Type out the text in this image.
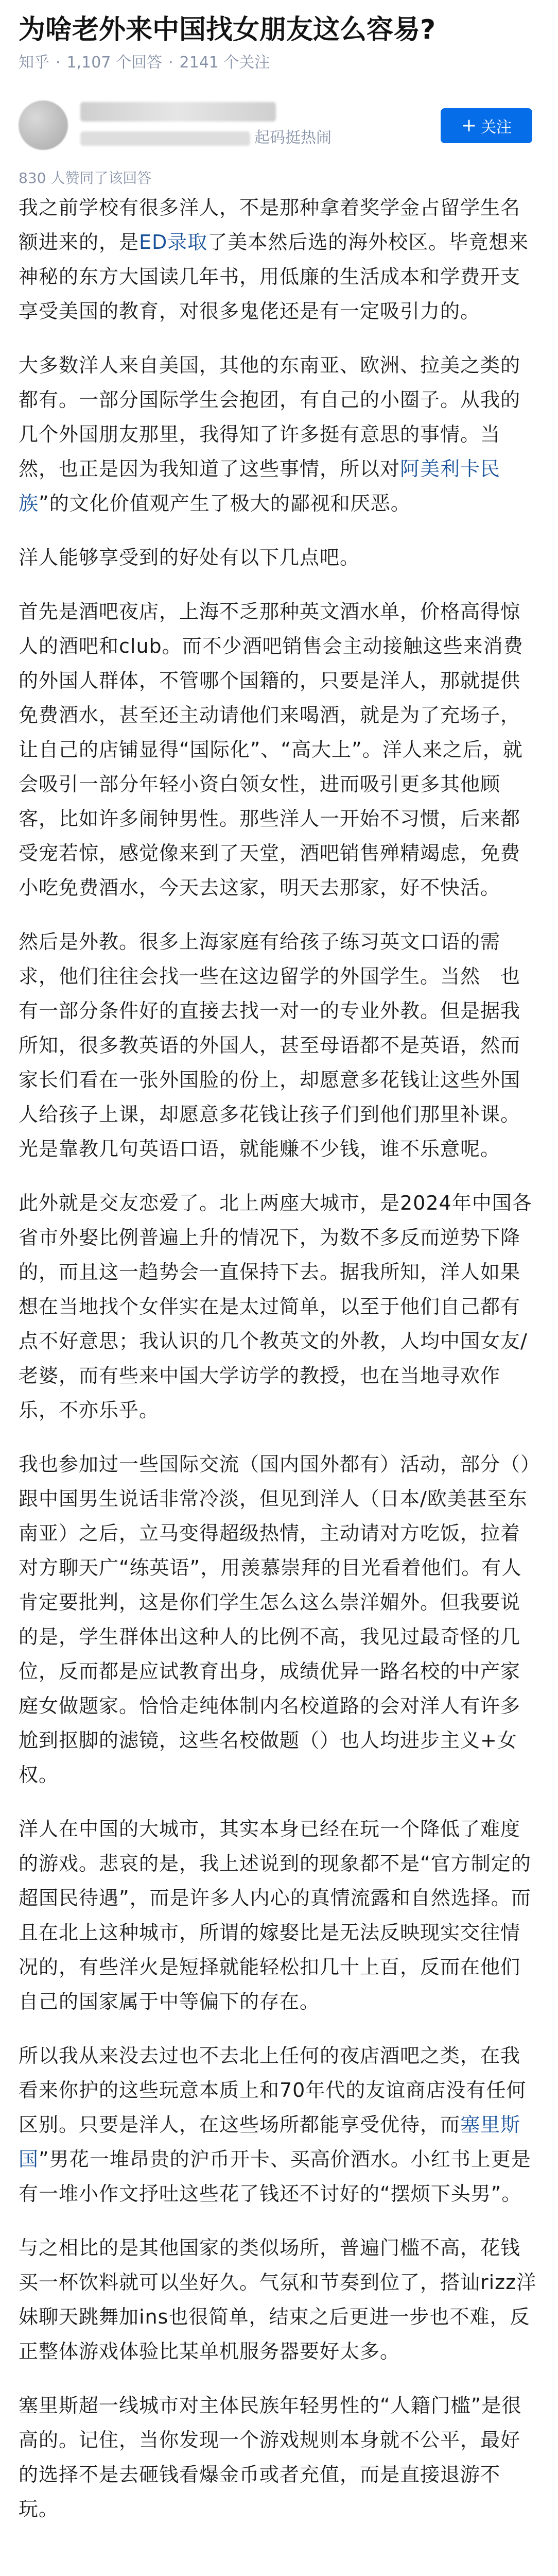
为啥老外来中国找女朋友这么容易?
知乎 · 1,107 个回答 · 2141 个关注
起码挺热闹
+ 关注
830 人赞同了该回答

我之前学校有很多洋人，不是那种拿着奖学金占留学生名额进来的，是ED录取了美本然后选的海外校区。毕竟想来神秘的东方大国读几年书，用低廉的生活成本和学费开支享受美国的教育，对很多鬼佬还是有一定吸引力的。

大多数洋人来自美国，其他的东南亚、欧洲、拉美之类的都有。一部分国际学生会抱团，有自己的小圈子。从我的几个外国朋友那里，我得知了许多挺有意思的事情。当然，也正是因为我知道了这些事情，所以对阿美利卡民族”的文化价值观产生了极大的鄙视和厌恶。

洋人能够享受到的好处有以下几点吧。

首先是酒吧夜店，上海不乏那种英文酒水单，价格高得惊人的酒吧和club。而不少酒吧销售会主动接触这些来消费的外国人群体，不管哪个国籍的，只要是洋人，那就提供免费酒水，甚至还主动请他们来喝酒，就是为了充场子，让自己的店铺显得“国际化”、“高大上”。洋人来之后，就会吸引一部分年轻小资白领女性，进而吸引更多其他顾客，比如许多闹钟男性。那些洋人一开始不习惯，后来都受宠若惊，感觉像来到了天堂，酒吧销售殚精竭虑，免费小吃免费酒水，今天去这家，明天去那家，好不快活。

然后是外教。很多上海家庭有给孩子练习英文口语的需求，他们往往会找一些在这边留学的外国学生。当然　也有一部分条件好的直接去找一对一的专业外教。但是据我所知，很多教英语的外国人，甚至母语都不是英语，然而家长们看在一张外国脸的份上，却愿意多花钱让这些外国人给孩子上课，却愿意多花钱让孩子们到他们那里补课。光是靠教几句英语口语，就能赚不少钱，谁不乐意呢。

此外就是交友恋爱了。北上两座大城市，是2024年中国各省市外娶比例普遍上升的情况下，为数不多反而逆势下降的，而且这一趋势会一直保持下去。据我所知，洋人如果想在当地找个女伴实在是太过简单，以至于他们自己都有点不好意思；我认识的几个教英文的外教，人均中国女友/老婆，而有些来中国大学访学的教授，也在当地寻欢作乐，不亦乐乎。

我也参加过一些国际交流（国内国外都有）活动，部分（）跟中国男生说话非常冷淡，但见到洋人（日本/欧美甚至东南亚）之后，立马变得超级热情，主动请对方吃饭，拉着对方聊天广“练英语”，用羡慕崇拜的目光看着他们。有人肯定要批判，这是你们学生怎么这么崇洋媚外。但我要说的是，学生群体出这种人的比例不高，我见过最奇怪的几位，反而都是应试教育出身，成绩优异一路名校的中产家庭女做题家。恰恰走纯体制内名校道路的会对洋人有许多尬到抠脚的滤镜，这些名校做题（）也人均进步主义+女权。

洋人在中国的大城市，其实本身已经在玩一个降低了难度的游戏。悲哀的是，我上述说到的现象都不是“官方制定的超国民待遇”，而是许多人内心的真情流露和自然选择。而且在北上这种城市，所谓的嫁娶比是无法反映现实交往情况的，有些洋火是短择就能轻松扣几十上百，反而在他们自己的国家属于中等偏下的存在。

所以我从来没去过也不去北上任何的夜店酒吧之类，在我看来你护的这些玩意本质上和70年代的友谊商店没有任何区别。只要是洋人，在这些场所都能享受优待，而塞里斯国”男花一堆昂贵的沪币开卡、买高价酒水。小红书上更是有一堆小作文抒吐这些花了钱还不讨好的“摆烦下头男”。

与之相比的是其他国家的类似场所，普遍门槛不高，花钱买一杯饮料就可以坐好久。气氛和节奏到位了，搭讪rizz洋妹聊天跳舞加ins也很简单，结束之后更进一步也不难，反正整体游戏体验比某单机服务器要好太多。

塞里斯超一线城市对主体民族年轻男性的“人籍门槛”是很高的。记住，当你发现一个游戏规则本身就不公平，最好的选择不是去砸钱看爆金币或者充值，而是直接退游不玩。
